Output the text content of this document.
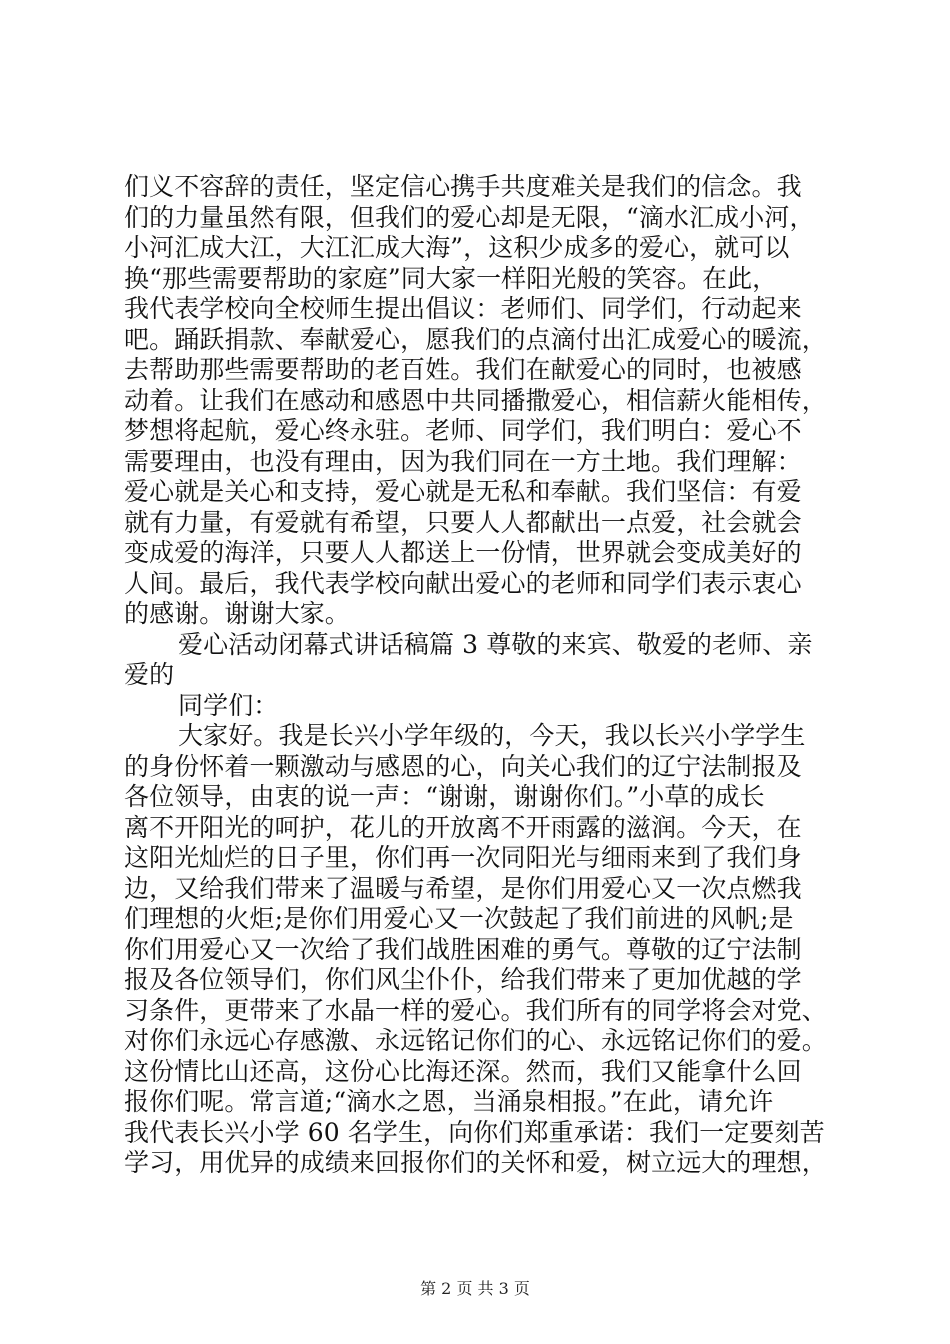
们义不容辞的责任，坚定信心携手共度难关是我们的信念。我
们的力量虽然有限，但我们的爱心却是无限，“滴水汇成小河，
小河汇成大江，大江汇成大海”，这积少成多的爱心，就可以
换“那些需要帮助的家庭”同大家一样阳光般的笑容。在此，
我代表学校向全校师生提出倡议：老师们、同学们，行动起来
吧。踊跃捐款、奉献爱心，愿我们的点滴付出汇成爱心的暖流，
去帮助那些需要帮助的老百姓。我们在献爱心的同时，也被感
动着。让我们在感动和感恩中共同播撒爱心，相信薪火能相传，
梦想将起航，爱心终永驻。老师、同学们，我们明白：爱心不
需要理由，也没有理由，因为我们同在一方土地。我们理解：
爱心就是关心和支持，爱心就是无私和奉献。我们坚信：有爱
就有力量，有爱就有希望，只要人人都献出一点爱，社会就会
变成爱的海洋，只要人人都送上一份情，世界就会变成美好的
人间。最后，我代表学校向献出爱心的老师和同学们表示衷心
的感谢。谢谢大家。
爱心活动闭幕式讲话稿篇 3 尊敬的来宾、敬爱的老师、亲
爱的
同学们：
大家好。我是长兴小学年级的，今天，我以长兴小学学生
的身份怀着一颗激动与感恩的心，向关心我们的辽宁法制报及
各位领导，由衷的说一声：“谢谢，谢谢你们。”小草的成长
离不开阳光的呵护，花儿的开放离不开雨露的滋润。今天，在
这阳光灿烂的日子里，你们再一次同阳光与细雨来到了我们身
边，又给我们带来了温暖与希望，是你们用爱心又一次点燃我
们理想的火炬;是你们用爱心又一次鼓起了我们前进的风帆;是
你们用爱心又一次给了我们战胜困难的勇气。尊敬的辽宁法制
报及各位领导们，你们风尘仆仆，给我们带来了更加优越的学
习条件，更带来了水晶一样的爱心。我们所有的同学将会对党、
对你们永远心存感激、永远铭记你们的心、永远铭记你们的爱。
这份情比山还高，这份心比海还深。然而，我们又能拿什么回
报你们呢。常言道;“滴水之恩，当涌泉相报。”在此，请允许
我代表长兴小学 60 名学生，向你们郑重承诺：我们一定要刻苦
学习，用优异的成绩来回报你们的关怀和爱，树立远大的理想，
第 2 页 共 3 页
